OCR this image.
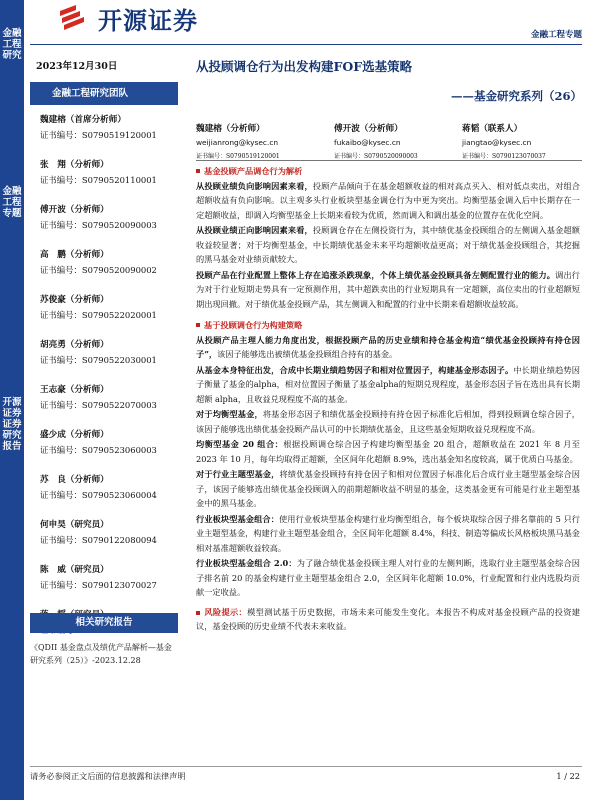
金融工程研究
金融工程专题
开源证券证券研究报告
开源证券
金融工程专题
2023年12月30日
金融工程研究团队
魏建榕（首席分析师）
证书编号：S0790519120001
张　翔（分析师）
证书编号：S0790520110001
傅开波（分析师）
证书编号：S0790520090003
高　鹏（分析师）
证书编号：S0790520090002
苏俊豪（分析师）
证书编号：S0790522020001
胡亮勇（分析师）
证书编号：S0790522030001
王志豪（分析师）
证书编号：S0790522070003
盛少成（分析师）
证书编号：S0790523060003
苏　良（分析师）
证书编号：S0790523060004
何申昊（研究员）
证书编号：S0790122080094
陈　威（研究员）
证书编号：S0790123070027
相关研究报告
《QDII 基金盘点及绩优产品解析—基金研究系列（25）》-2023.12.28
从投顾调仓行为出发构建FOF选基策略
——基金研究系列（26）
魏建榕（分析师）
weijianrong@kysec.cn
证书编号：S0790519120001
傅开波（分析师）
fukaibo@kysec.cn
证书编号：S0790520090003
蒋韬（联系人）
jiangtao@kysec.cn
证书编号：S0790123070037
基金投顾产品调仓行为解析

从投顾业绩负向影响因素来看，投顾产品倾向于在基金超额收益的相对高点买入、相对低点卖出，对组合超额收益有负向影响。以主观多头行业板块型基金调仓行为中更为突出。均衡型基金调入后中长期存在一定超额收益，即调入均衡型基金上长期来看较为优质，然而调入和调出基金的位置存在优化空间。

从投顾业绩正向影响因素来看，投顾调仓存在左侧投资行为，其中绩优基金投顾组合的左侧调入基金超额收益较显著；对于均衡型基金，中长期绩优基金未来平均超额收益更高；对于绩优基金投顾组合，其挖掘的黑马基金对业绩贡献较大。

投顾产品在行业配置上整体上存在追涨杀跌现象，个体上绩优基金投顾具备左侧配置行业的能力。调出行为对于行业短期走势具有一定预测作用，其中超跌卖出的行业短期具有一定超额，高位卖出的行业超额短期出现回撤。对于绩优基金投顾产品，其左侧调入和配置的行业中长期来看超额收益较高。

基于投顾调仓行为构建策略

从投顾产品主理人能力角度出发，根据投顾产品的历史业绩和持仓基金构造“绩优基金投顾持有持仓因子”，该因子能够选出被绩优基金投顾组合持有的基金。

从基金本身特征出发，合成中长期业绩趋势因子和相对位置因子，构建基金形态因子。中长期业绩趋势因子衡量了基金的alpha，相对位置因子衡量了基金alpha的短期兑现程度，基金形态因子旨在选出具有长期超额 alpha，且收益兑现程度不高的基金。

对于均衡型基金，将基金形态因子和绩优基金投顾持有持仓因子标准化后相加，得到投顾调仓综合因子，该因子能够选出绩优基金投顾产品认可的中长期绩优基金，且这些基金短期收益兑现程度不高。

均衡型基金 20 组合：根据投顾调仓综合因子构建均衡型基金 20 组合，超额收益在 2021 年 8 月至 2023 年 10 月，每年均取得正超额，全区间年化超额 8.9%，选出基金知名度较高，属于优质白马基金。

对于行业主题型基金，将绩优基金投顾持有持仓因子和相对位置因子标准化后合成行业主题型基金综合因子，该因子能够选出绩优基金投顾调入的前期超额收益不明显的基金，这类基金更有可能是行业主题型基金中的黑马基金。

行业板块型基金组合：使用行业板块型基金构建行业均衡型组合，每个板块取综合因子排名靠前的 5 只行业主题型基金，构建行业主题型基金组合，全区间年化超额 8.4%，科技、制造等偏成长风格板块黑马基金相对基准超额收益较高。

行业板块型基金组合 2.0：为了融合绩优基金投顾主理人对行业的左侧判断，选取行业主题型基金综合因子排名前 20 的基金构建行业主题型基金组合 2.0，全区间年化超额 10.0%，行业配置和行业内选股均贡献一定收益。

风险提示：模型测试基于历史数据，市场未来可能发生变化。本报告不构成对基金投顾产品的投资建议，基金投顾的历史业绩不代表未来收益。

请务必参阅正文后面的信息披露和法律声明	1 / 22
